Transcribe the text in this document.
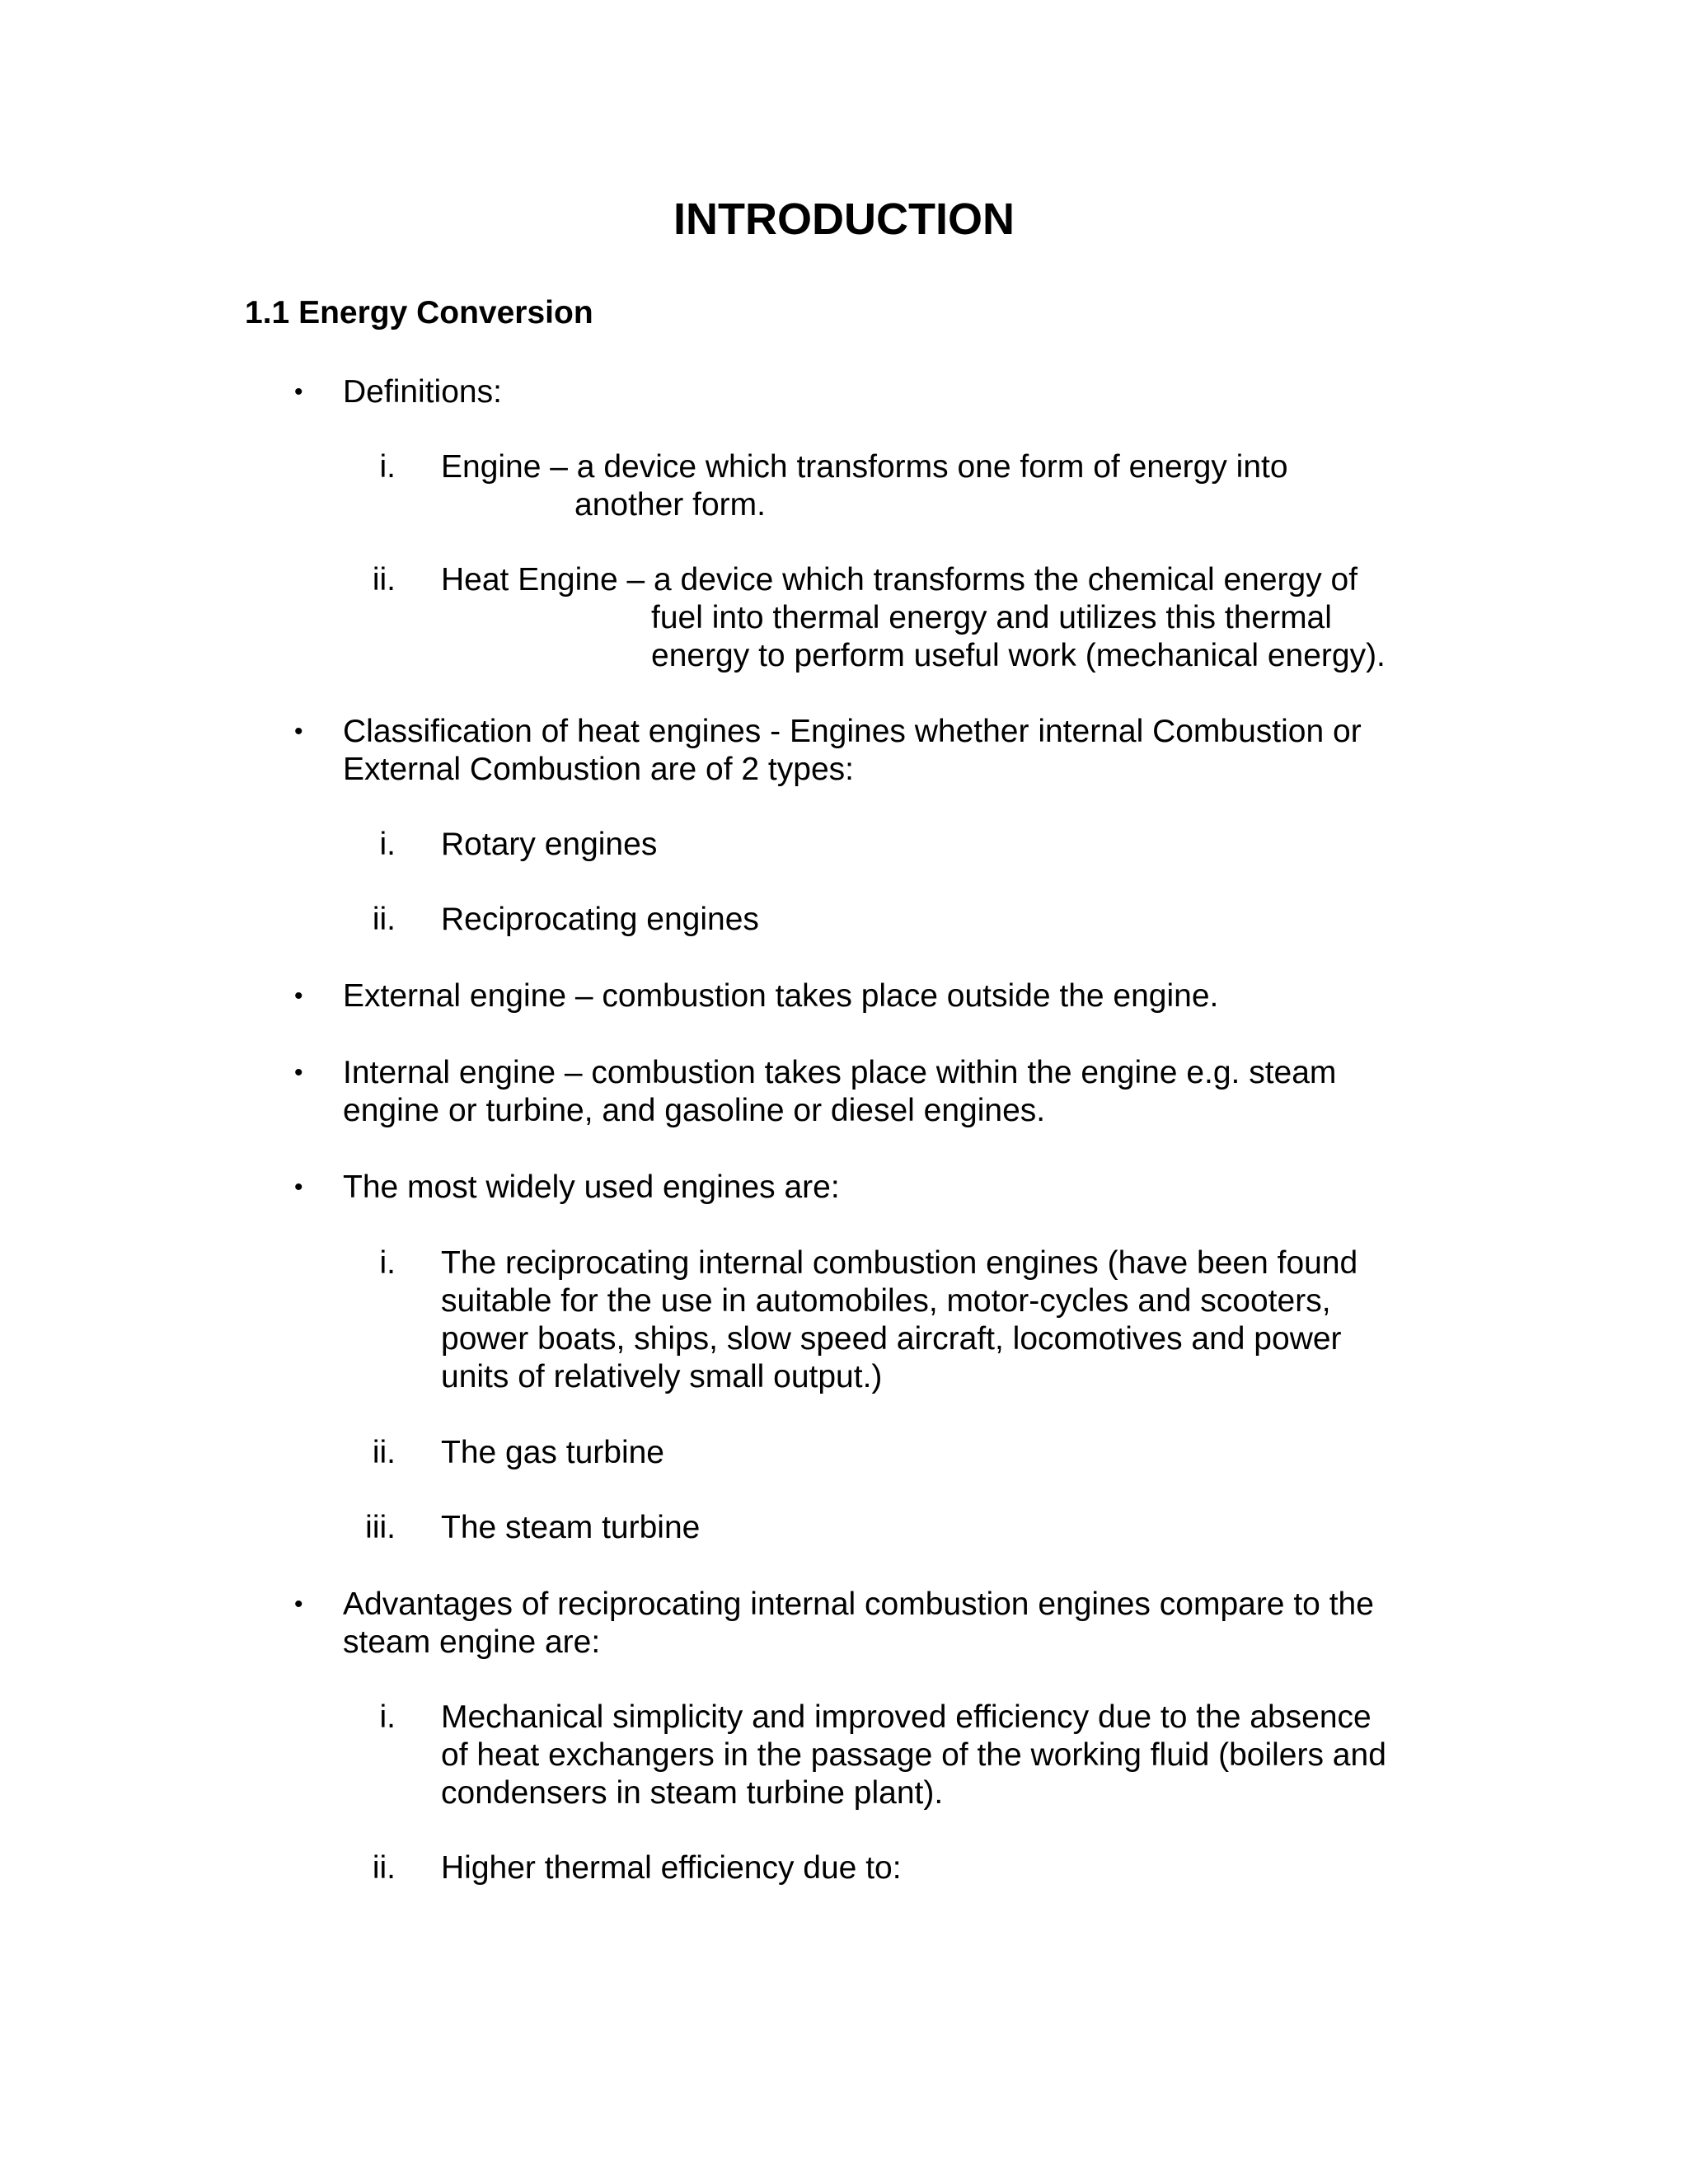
INTRODUCTION
1.1 Energy Conversion
• Definitions:
i. Engine – a device which transforms one form of energy into
another form.
ii. Heat Engine – a device which transforms the chemical energy of
fuel into thermal energy and utilizes this thermal
energy to perform useful work (mechanical energy).
• Classification of heat engines - Engines whether internal Combustion or
External Combustion are of 2 types:
i. Rotary engines
ii. Reciprocating engines
• External engine – combustion takes place outside the engine.
• Internal engine – combustion takes place within the engine e.g. steam
engine or turbine, and gasoline or diesel engines.
• The most widely used engines are:
i. The reciprocating internal combustion engines (have been found
suitable for the use in automobiles, motor-cycles and scooters,
power boats, ships, slow speed aircraft, locomotives and power
units of relatively small output.)
ii. The gas turbine
iii. The steam turbine
• Advantages of reciprocating internal combustion engines compare to the
steam engine are:
i. Mechanical simplicity and improved efficiency due to the absence
of heat exchangers in the passage of the working fluid (boilers and
condensers in steam turbine plant).
ii. Higher thermal efficiency due to:
